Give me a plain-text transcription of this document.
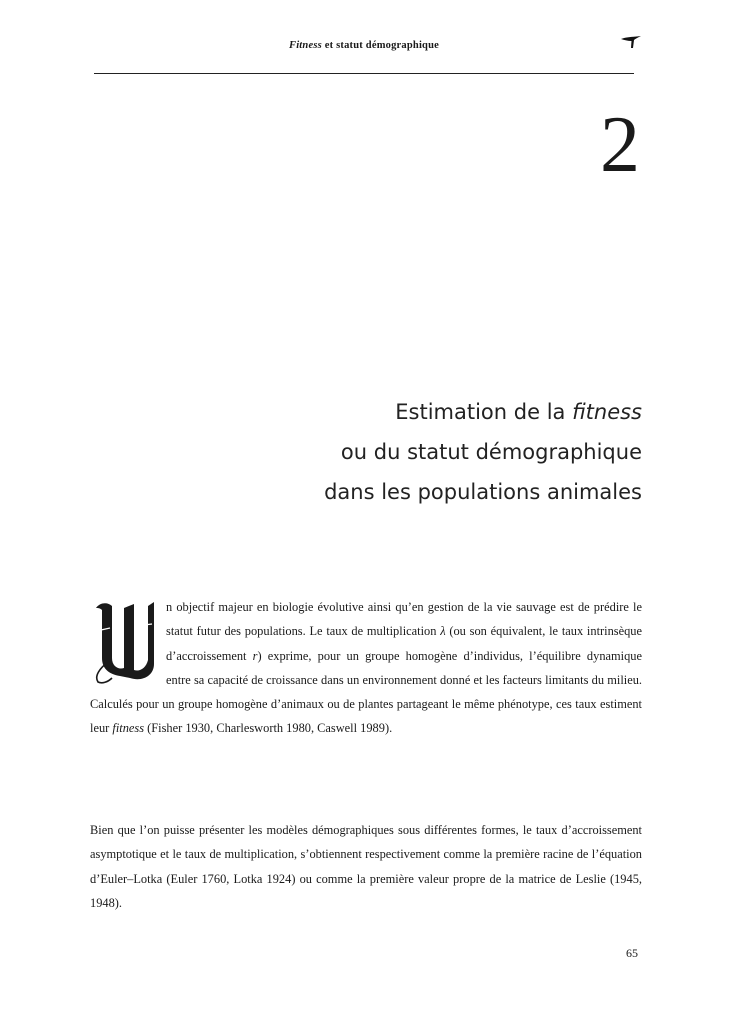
Fitness et statut démographique
2
Estimation de la fitness
ou du statut démographique
dans les populations animales
n objectif majeur en biologie évolutive ainsi qu’en gestion de la vie sauvage est de prédire le statut futur des populations. Le taux de multiplication λ (ou son équivalent, le taux intrinsèque d’accroissement r) exprime, pour un groupe homogène d’individus, l’équilibre dynamique entre sa capacité de croissance dans un environnement donné et les facteurs limitants du milieu. Calculés pour un groupe homogène d’animaux ou de plantes partageant le même phénotype, ces taux estiment leur fitness (Fisher 1930, Charlesworth 1980, Caswell 1989).
Bien que l’on puisse présenter les modèles démographiques sous différentes formes, le taux d’accroissement asymptotique et le taux de multiplication, s’obtiennent respectivement comme la première racine de l’équation d’Euler–Lotka (Euler 1760, Lotka 1924) ou comme la première valeur propre de la matrice de Leslie (1945, 1948).
65
